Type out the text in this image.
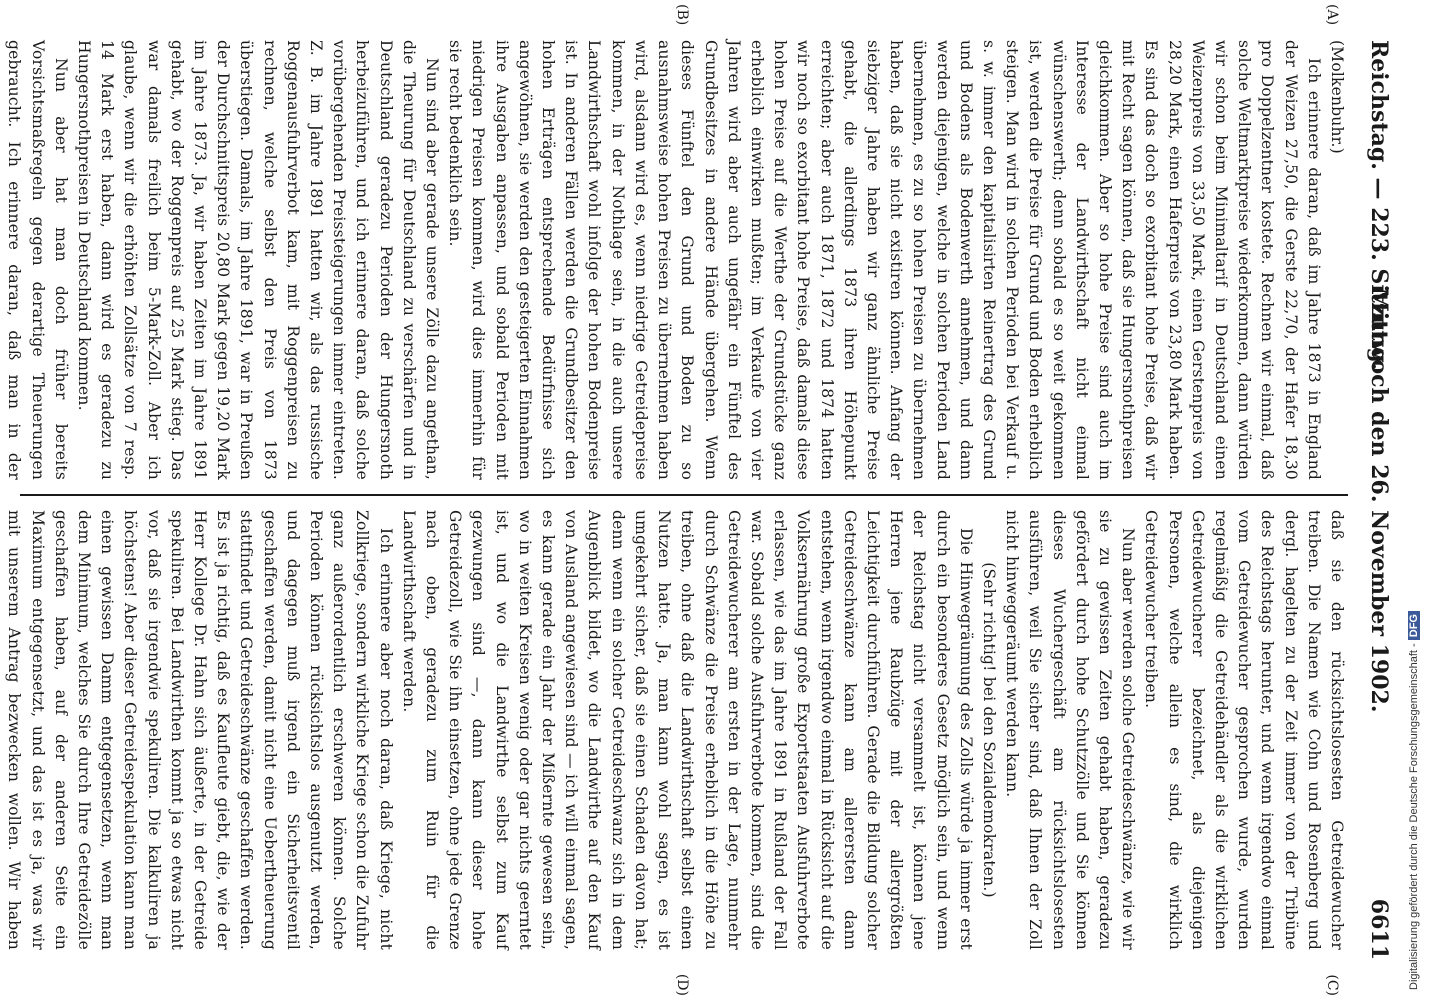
Reichstag. — 223. Sitzung.
Mittwoch den 26. November 1902.
6611
(A)
(B)
(C)
(D)

(Molkenbuhr.)

Ich erinnere daran, daß im Jahre 1873 in England der Weizen 27,50, die Gerste 22,70, der Hafer 18,30 pro Doppelzentner kostete. Rechnen wir einmal, daß solche Weltmarktpreise wiederkommen, dann würden wir schon beim Minimaltarif in Deutschland einen Weizenpreis von 33,50 Mark, einen Gerstenpreis von 28,20 Mark, einen Haferpreis von 23,80 Mark haben. Es sind das doch so exorbitant hohe Preise, daß wir mit Recht sagen können, daß sie Hungersnothpreisen gleichkommen. Aber so hohe Preise sind auch im Interesse der Landwirthschaft nicht einmal wünschenswerth; denn sobald es so weit gekommen ist, werden die Preise für Grund und Boden erheblich steigen. Man wird in solchen Perioden bei Verkauf u. s. w. immer den kapitalisirten Reinertrag des Grund und Bodens als Bodenwerth annehmen, und dann werden diejenigen, welche in solchen Perioden Land übernehmen, es zu so hohen Preisen zu übernehmen haben, daß sie nicht existiren können. Anfang der siebziger Jahre haben wir ganz ähnliche Preise gehabt, die allerdings 1873 ihren Höhepunkt erreichten; aber auch 1871, 1872 und 1874 hatten wir noch so exorbitant hohe Preise, daß damals diese hohen Preise auf die Werthe der Grundstücke ganz erheblich einwirken mußten; im Verkaufe von vier Jahren wird aber auch ungefähr ein Fünftel des Grundbesitzes in andere Hände übergehen. Wenn dieses Fünftel den Grund und Boden zu so ausnahmsweise hohen Preisen zu übernehmen haben wird, alsdann wird es, wenn niedrige Getreidepreise kommen, in der Nothlage sein, in die auch unsere Landwirthschaft wohl infolge der hohen Bodenpreise ist. In anderen Fällen werden die Grundbesitzer den hohen Erträgen entsprechende Bedürfnisse sich angewöhnen, sie werden den gesteigerten Einnahmen ihre Ausgaben anpassen, und sobald Perioden mit niedrigen Preisen kommen, wird dies immerhin für sie recht bedenklich sein.

Nun sind aber gerade unsere Zölle dazu angethan, die Theurung für Deutschland zu verschärfen und in Deutschland geradezu Perioden der Hungersnoth herbeizuführen, und ich erinnere daran, daß solche vorübergehenden Preissteigerungen immer eintreten. Z. B. im Jahre 1891 hatten wir, als das russische Roggenausfuhrverbot kam, mit Roggenpreisen zu rechnen, welche selbst den Preis von 1873 überstiegen. Damals, im Jahre 1891, war in Preußen der Durchschnittspreis 20,80 Mark gegen 19,20 Mark im Jahre 1873. Ja, wir haben Zeiten im Jahre 1891 gehabt, wo der Roggenpreis auf 25 Mark stieg. Das war damals freilich beim 5-Mark-Zoll. Aber ich glaube, wenn wir die erhöhten Zollsätze von 7 resp. 14 Mark erst haben, dann wird es geradezu zu Hungersnothpreisen in Deutschland kommen.

Nun aber hat man doch früher bereits Vorsichtsmaßregeln gegen derartige Theuerungen gebraucht. Ich erinnere daran, daß man in der

daß sie den rücksichtslosesten Getreidewucher treiben. Die Namen wie Cohn und Rosenberg und dergl. hagelten zu der Zeit immer von der Tribüne des Reichstags herunter, und wenn irgendwo einmal vom Getreidewucher gesprochen wurde, wurden regelmäßig die Getreidehändler als die wirklichen Getreidewucherer bezeichnet, als diejenigen Personen, welche allein es sind, die wirklich Getreidewucher treiben.

Nun aber werden solche Getreideschwänze, wie wir sie zu gewissen Zeiten gehabt haben, geradezu gefördert durch hohe Schutzzölle und Sie können dieses Wuchergeschäft am rücksichtslosesten ausführen, weil Sie sicher sind, daß Ihnen der Zoll nicht hinweggeräumt werden kann.

(Sehr richtig! bei den Sozialdemokraten.)

Die Hinwegräumung des Zolls würde ja immer erst durch ein besonderes Gesetz möglich sein, und wenn der Reichstag nicht versammelt ist, können jene Herren jene Raubzüge mit der allergrößten Leichtigkeit durchführen. Gerade die Bildung solcher Getreideschwänze kann am allerersten dann entstehen, wenn irgendwo einmal in Rücksicht auf die Volksernährung große Exportstaaten Ausfuhrverbote erlassen, wie das im Jahre 1891 in Rußland der Fall war. Sobald solche Ausfuhrverbote kommen, sind die Getreidewucherer am ersten in der Lage, nunmehr durch Schwänze die Preise erheblich in die Höhe zu treiben, ohne daß die Landwirthschaft selbst einen Nutzen hatte. Ja, man kann wohl sagen, es ist umgekehrt sicher, daß sie einen Schaden davon hat; denn wenn ein solcher Getreideschwanz sich in dem Augenblick bildet, wo die Landwirthe auf den Kauf von Ausland angewiesen sind — ich will einmal sagen, es kann gerade ein Jahr der Mißernte gewesen sein, wo in weiten Kreisen wenig oder gar nichts geerntet ist, und wo die Landwirthe selbst zum Kauf gezwungen sind —, dann kann dieser hohe Getreidezoll, wie Sie ihn einsetzen, ohne jede Grenze nach oben, geradezu zum Ruin für die Landwirthschaft werden.

Ich erinnere aber noch daran, daß Kriege, nicht Zollkriege, sondern wirkliche Kriege schon die Zufuhr ganz außerordentlich erschweren können. Solche Perioden können rücksichtslos ausgenutzt werden, und dagegen muß irgend ein Sicherheitsventil geschaffen werden, damit nicht eine Uebertheuerung stattfindet und Getreideschwänze geschaffen werden. Es ist ja richtig, daß es Kaufleute giebt, die, wie der Herr Kollege Dr. Hahn sich äußerte, in der Getreide spekuliren. Bei Landwirthen kommt ja so etwas nicht vor, daß sie irgendwie spekuliren. Die kalkuliren ja höchstens! Aber dieser Getreidespekulation kann man einen gewissen Damm entgegensetzen, wenn man dem Minimum, welches Sie durch Ihre Getreidezölle geschaffen haben, auf der anderen Seite ein Maximum entgegensetzt, und das ist es ja, was wir mit unserem Antrag bezwecken wollen. Wir haben	Digitalisierung gefördert durch die Deutsche Forschungsgemeinschaft - DFG
